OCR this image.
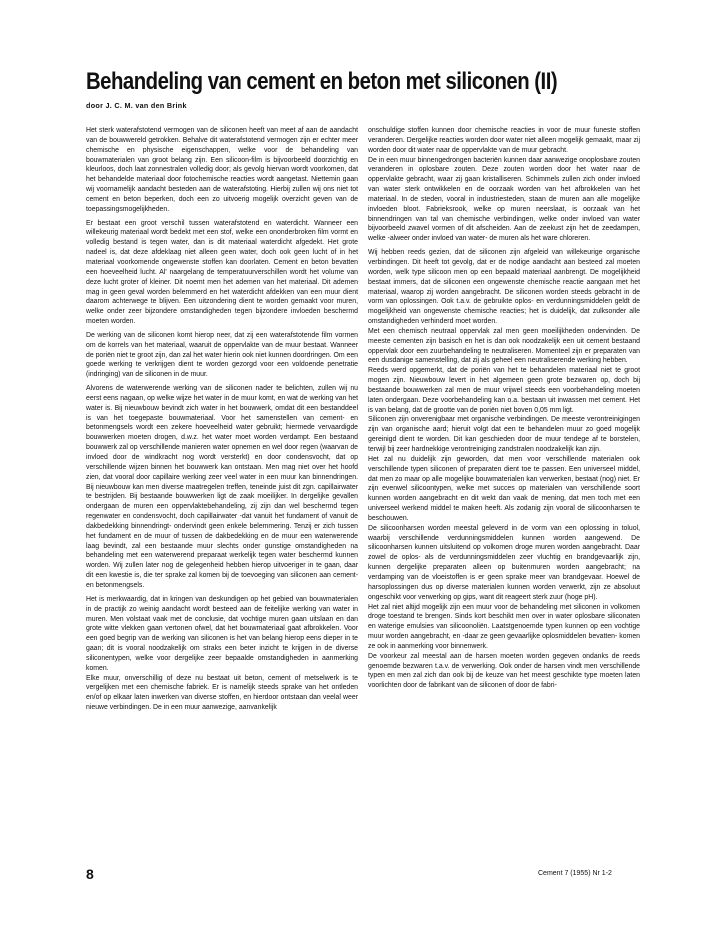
Behandeling van cement en beton met siliconen (II)
door J. C. M. van den Brink

Het sterk waterafstotend vermogen van de siliconen heeft van meet af aan de aandacht van de bouwwereld getrokken. Behalve dit waterafstotend vermogen zijn er echter meer chemische en physische eigenschappen, welke voor de behandeling van bouwmaterialen van groot belang zijn. Een silicoon-film is bijvoorbeeld doorzichtig en kleurloos, doch laat zonnestralen volledig door; als gevolg hiervan wordt voorkomen, dat het behandelde materiaal door fotochemische reacties wordt aangetast. Niettemin gaan wij voornamelijk aandacht besteden aan de waterafstoting. Hierbij zullen wij ons niet tot cement en beton beperken, doch een zo uitvoerig mogelijk overzicht geven van de toepassingsmogelijkheden.

Er bestaat een groot verschil tussen waterafstotend en waterdicht. Wanneer een willekeurig materiaal wordt bedekt met een stof, welke een ononderbroken film vormt en volledig bestand is tegen water, dan is dit materiaal waterdicht afgedekt. Het grote nadeel is, dat deze afdeklaag niet alleen geen water, doch ook geen lucht of in het materiaal voorkomende ongewenste stoffen kan doorlaten. Cement en beton bevatten een hoeveelheid lucht. Al' naargelang de temperatuurverschillen wordt het volume van deze lucht groter of kleiner. Dit noemt men het ademen van het materiaal. Dit ademen mag in geen geval worden belemmerd en het waterdicht afdekken van een muur dient daarom achterwege te blijven. Een uitzondering dient te worden gemaakt voor muren, welke onder zeer bijzondere omstandigheden tegen bijzondere invloeden beschermd moeten worden.

De werking van de siliconen komt hierop neer, dat zij een waterafstotende film vormen om de korrels van het materiaal, waaruit de oppervlakte van de muur bestaat. Wanneer de poriën niet te groot zijn, dan zal het water hierin ook niet kunnen doordringen. Om een goede werking te verkrijgen dient te worden gezorgd voor een voldoende penetratie (indringing) van de siliconen in de muur.

Alvorens de waterwerende werking van de siliconen nader te belichten, zullen wij nu eerst eens nagaan, op welke wijze het water in de muur komt, en wat de werking van het water is. Bij nieuwbouw bevindt zich water in het bouwwerk, omdat dit een bestanddeel is van het toegepaste bouwmateriaal. Voor het samenstellen van cement- en betonmengsels wordt een zekere hoeveelheid water gebruikt; hiermede vervaardigde bouwwerken moeten drogen, d.w.z. het water moet worden verdampt. Een bestaand bouwwerk zal op verschillende manieren water opnemen en wel door regen (waarvan de invloed door de windkracht nog wordt versterkt) en door condensvocht, dat op verschillende wijzen binnen het bouwwerk kan ontstaan. Men mag niet over het hoofd zien, dat vooral door capillaire werking zeer veel water in een muur kan binnendringen. Bij nieuwbouw kan men diverse maatregelen treffen, teneinde juist dit zgn. capillairwater te bestrijden. Bij bestaande bouwwerken ligt de zaak moeilijker. In dergelijke gevallen ondergaan de muren een oppervlaktebehandeling, zij zijn dan wel beschermd tegen regenwater en condensvocht, doch capillairwater -dat vanuit het fundament of vanuit de dakbedekking binnendringt- ondervindt geen enkele belemmering. Tenzij er zich tussen het fundament en de muur of tussen de dakbedekking en de muur een waterwerende laag bevindt, zal een bestaande muur slechts onder gunstige omstandigheden na behandeling met een waterwerend preparaat werkelijk tegen water beschermd kunnen worden. Wij zullen later nog de gelegenheid hebben hierop uitvoeriger in te gaan, daar dit een kwestie is, die ter sprake zal komen bij de toevoeging van siliconen aan cement- en betonmengsels.

Het is merkwaardig, dat in kringen van deskundigen op het gebied van bouwmaterialen in de practijk zo weinig aandacht wordt besteed aan de feitelijke werking van water in muren. Men volstaat vaak met de conclusie, dat vochtige muren gaan uitslaan en dan grote witte vlekken gaan vertonen ofwel, dat het bouwmateriaal gaat afbrokkelen. Voor een goed begrip van de werking van siliconen is het van belang hierop eens dieper in te gaan; dit is vooral noodzakelijk om straks een beter inzicht te krijgen in de diverse siliconentypen, welke voor dergelijke zeer bepaalde omstandigheden in aanmerking komen.
Elke muur, onverschillig of deze nu bestaat uit beton, cement of metselwerk is te vergelijken met een chemische fabriek. Er is namelijk steeds sprake van het ontleden en/of op elkaar laten inwerken van diverse stoffen, en hierdoor ontstaan dan veelal weer nieuwe verbindingen. De in een muur aanwezige, aanvankelijk

onschuldige stoffen kunnen door chemische reacties in voor de muur funeste stoffen veranderen. Dergelijke reacties worden door water niet alleen mogelijk gemaakt, maar zij worden door dit water naar de oppervlakte van de muur gebracht.
De in een muur binnengedrongen bacteriën kunnen daar aanwezige onoplosbare zouten veranderen in oplosbare zouten. Deze zouten worden door het water naar de oppervlakte gebracht, waar zij gaan kristalliseren. Schimmels zullen zich onder invloed van water sterk ontwikkelen en de oorzaak worden van het afbrokkelen van het materiaal. In de steden, vooral in industriesteden, staan de muren aan alle mogelijke invloeden bloot. Fabrieksrook, welke op muren neerslaat, is oorzaak van het binnendringen van tal van chemische verbindingen, welke onder invloed van water bijvoorbeeld zwavel vormen of dit afscheiden. Aan de zeekust zijn het de zeedampen, welke -alweer onder invloed van water- de muren als het ware chloreren.

Wij hebben reeds gezien, dat de siliconen zijn afgeleid van willekeurige organische verbindingen. Dit heeft tot gevolg, dat er de nodige aandacht aan besteed zal moeten worden, welk type silicoon men op een bepaald materiaal aanbrengt. De mogelijkheid bestaat immers, dat de siliconen een ongewenste chemische reactie aangaan met het materiaal, waarop zij worden aangebracht. De siliconen worden steeds gebracht in de vorm van oplossingen. Ook t.a.v. de gebruikte oplos- en verdunningsmiddelen geldt de mogelijkheid van ongewenste chemische reacties; het is duidelijk, dat zulksonder alle omstandigheden verhinderd moet worden.
Met een chemisch neutraal oppervlak zal men geen moeilijkheden ondervinden. De meeste cementen zijn basisch en het is dan ook noodzakelijk een uit cement bestaand oppervlak door een zuurbehandeling te neutraliseren. Momenteel zijn er preparaten van een dusdanige samenstelling, dat zij als geheel een neutraliserende werking hebben.
Reeds werd opgemerkt, dat de poriën van het te behandelen materiaal niet te groot mogen zijn. Nieuwbouw levert in het algemeen geen grote bezwaren op, doch bij bestaande bouwwerken zal men de muur vrijwel steeds een voorbehandeling moeten laten ondergaan. Deze voorbehandeling kan o.a. bestaan uit inwassen met cement. Het is van belang, dat de grootte van de poriën niet boven 0,05 mm ligt.
Siliconen zijn onverenigbaar met organische verbindingen. De meeste verontreinigingen zijn van organische aard; hieruit volgt dat een te behandelen muur zo goed mogelijk gereinigd dient te worden. Dit kan geschieden door de muur tendege af te borstelen, terwijl bij zeer hardnekkige verontreiniging zandstralen noodzakelijk kan zijn.
Het zal nu duidelijk zijn geworden, dat men voor verschillende materialen ook verschillende typen siliconen of preparaten dient toe te passen. Een universeel middel, dat men zo maar op alle mogelijke bouwmaterialen kan verwerken, bestaat (nog) niet. Er zijn evenwel silicoontypen, welke met succes op materialen van verschillende soort kunnen worden aangebracht en dit wekt dan vaak de mening, dat men toch met een universeel werkend middel te maken heeft. Als zodanig zijn vooral de silicoonharsen te beschouwen.
De silicoonharsen worden meestal geleverd in de vorm van een oplossing in toluol, waarbij verschillende verdunningsmiddelen kunnen worden aangewend. De silicoonharsen kunnen uitsluitend op volkomen droge muren worden aangebracht. Daar zowel de oplos- als de verdunningsmiddelen zeer vluchtig en brandgevaarlijk zijn, kunnen dergelijke preparaten alleen op buitenmuren worden aangebracht; na verdamping van de vloeistoffen is er geen sprake meer van brandgevaar. Hoewel de harsoplossingen dus op diverse materialen kunnen worden verwerkt, zijn ze absoluut ongeschikt voor verwerking op gips, want dit reageert sterk zuur (hoge pH).
Het zal niet altijd mogelijk zijn een muur voor de behandeling met siliconen in volkomen droge toestand te brengen. Sinds kort beschikt men over in water oplosbare siliconaten en waterige emulsies van silicoonoliën. Laatstgenoemde typen kunnen op een vochtige muur worden aangebracht, en -daar ze geen gevaarlijke oplosmiddelen bevatten- komen ze ook in aanmerking voor binnenwerk.
De voorkeur zal meestal aan de harsen moeten worden gegeven ondanks de reeds genoemde bezwaren t.a.v. de verwerking. Ook onder de harsen vindt men verschillende typen en men zal zich dan ook bij de keuze van het meest geschikte type moeten laten voorlichten door de fabrikant van de siliconen of door de fabri-

8	Cement 7 (1955) Nr 1-2
